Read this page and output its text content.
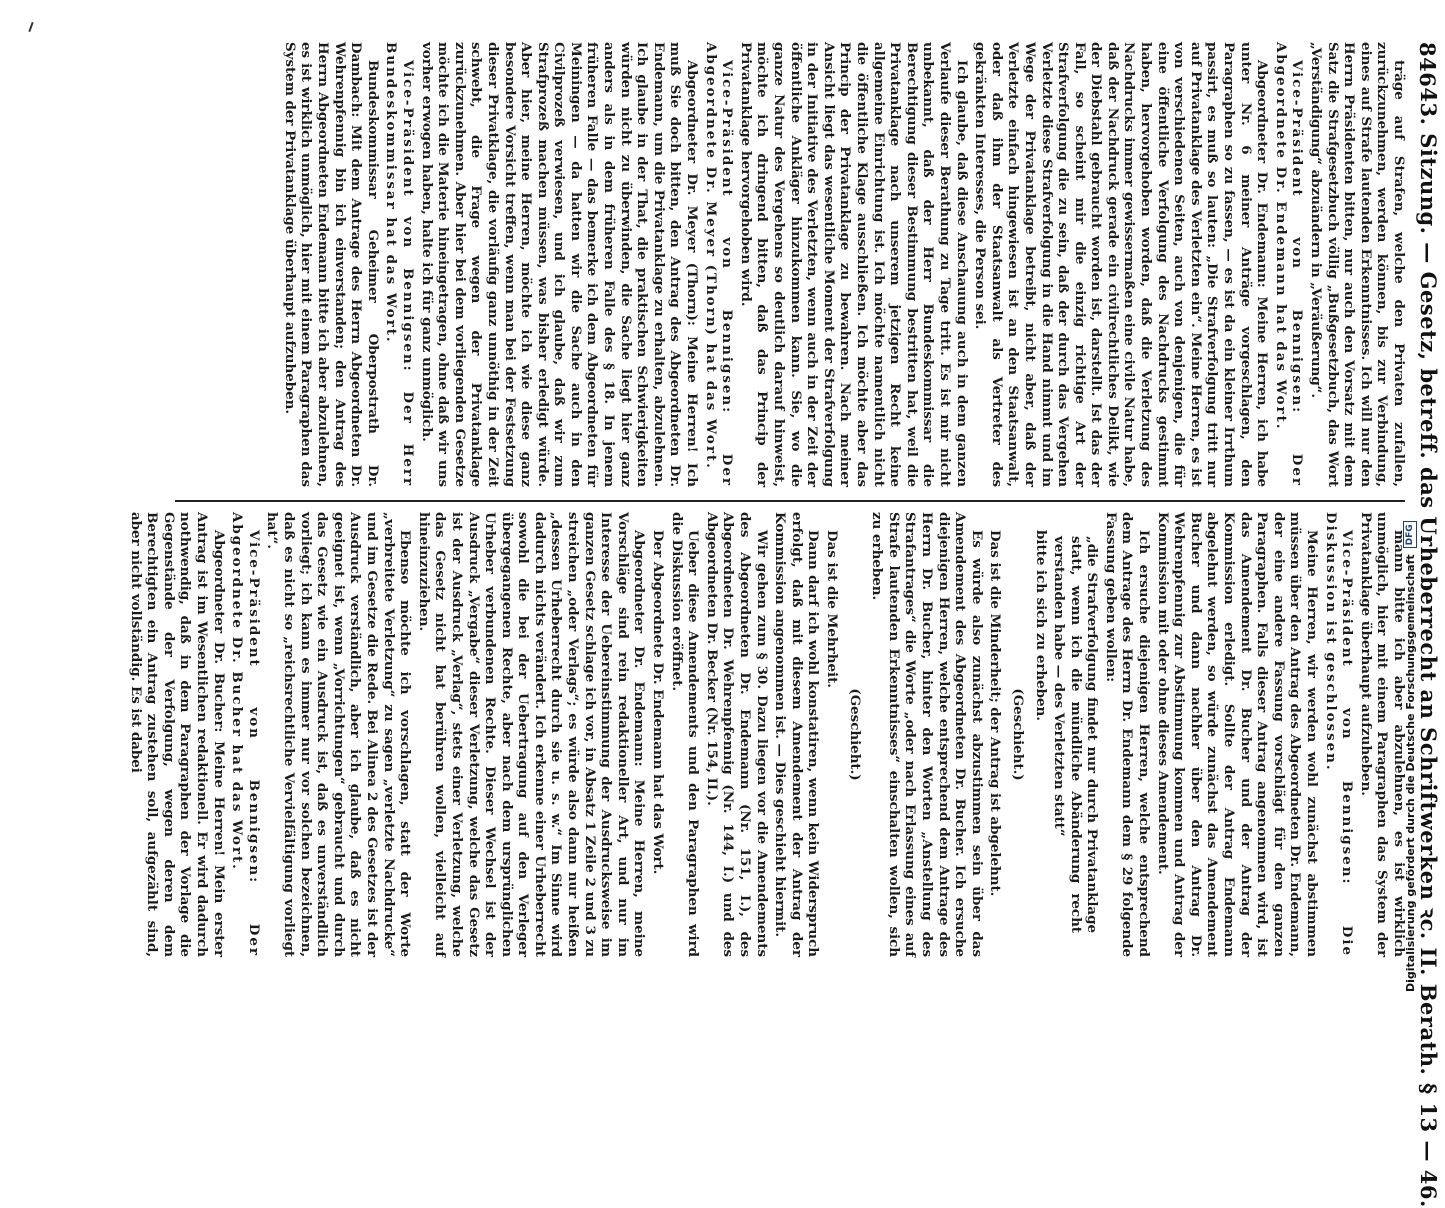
846
43. Sitzung. — Gesetz, betreff. das Urheberrecht an Schriftwerken ꝛc. II. Berath. § 13 — 46.

träge auf Strafen, welche den Privaten zufallen, zurückzunehmen, werden können, bis zur Verbindung, eines auf Strafe lautenden Erkenntnisses. Ich will nur den Herrn Präsidenten bitten, nur auch den Vorsatz mit dem Satz die Strafgesetzbuch völlig „Bußgesetzbuch, das Wort „Verständigung“ abzuändern in „Veräußerung“.

Vice-Präsident von Bennigsen: Der Abgeordnete Dr. Endemann hat das Wort.

Abgeordneter Dr. Endemann: Meine Herren, ich habe unter Nr. 6 meiner Anträge vorgeschlagen, den Paragraphen so zu fassen, — es ist da ein kleiner Irrthum passirt, es muß so lauten: „Die Strafverfolgung tritt nur auf Privatanklage des Verletzten ein“. Meine Herren, es ist von verschiedenen Seiten, auch von denjenigen, die für eine öffentliche Verfolgung des Nachdrucks gestimmt haben, hervorgehoben worden, daß die Verletzung des Nachdrucks immer gewissermaßen eine civile Natur habe, daß der Nachdruck gerade ein civilrechtliches Delikt, wie der Diebstahl gebraucht worden ist, darstellt. Ist das der Fall, so scheint mir die einzig richtige Art der Strafverfolgung die zu sein, daß der durch das Vergehen Verletzte diese Strafverfolgung in die Hand nimmt und im Wege der Privatanklage betreibt, nicht aber, daß der Verletzte einfach hingewiesen ist an den Staatsanwalt, oder daß ihm der Staatsanwalt als Vertreter des gekränkten Interesses, die Person sei.

Ich glaube, daß diese Anschauung auch in dem ganzen Verlaufe dieser Berathung zu Tage tritt. Es ist mir nicht unbekannt, daß der Herr Bundeskommissar die Berechtigung dieser Bestimmung bestritten hat, weil die Privatanklage nach unserem jetzigen Recht keine allgemeine Einrichtung ist. Ich möchte namentlich nicht die öffentliche Klage ausschließen. Ich möchte aber das Princip der Privatanklage zu bewahren. Nach meiner Ansicht liegt das wesentliche Moment der Strafverfolgung in der Initiative des Verletzten, wenn auch in der Zeit der öffentliche Ankläger hinzukommen kann. Sie, wo die ganze Natur des Vergehens so deutlich darauf hinweist, möchte ich dringend bitten, daß das Princip der Privatanklage hervorgehoben wird.

Vice-Präsident von Bennigsen: Der Abgeordnete Dr. Meyer (Thorn) hat das Wort.

Abgeordneter Dr. Meyer (Thorn): Meine Herren! Ich muß Sie doch bitten, den Antrag des Abgeordneten Dr. Endemann, um die Privatanklage zu erhalten, abzulehnen. Ich glaube in der That, die praktischen Schwierigkeiten würden nicht zu überwinden, die Sache liegt hier ganz anders als in dem früheren Falle des § 18. In jenem früheren Falle — das bemerke ich dem Abgeordneten für Meiningen — da hatten wir die Sache auch in den Civilprozeß verwiesen, und ich glaube, daß wir zum Strafprozeß machen müssen, was bisher erledigt würde. Aber hier, meine Herren, möchte ich wie diese ganz besondere Vorsicht treffen, wenn man bei der Festsetzung dieser Privatklage, die vorläufig ganz unnöthig in der Zeit schwebt, die Frage wegen der Privatanklage zurückzunehmen. Aber hier bei dem vorliegenden Gesetze möchte ich die Materie hineingetragen, ohne daß wir uns vorher erwogen haben, halte ich für ganz unmöglich.

Vice-Präsident von Bennigsen: Der Herr Bundeskommissar hat das Wort.

Bundeskommissar Geheimer Oberpostrath Dr. Dambach: Mit dem Antrage des Herrn Abgeordneten Dr. Wehrenpfennig bin ich einverstanden; den Antrag des Herrn Abgeordneten Endemann bitte ich aber abzulehnen, es ist wirklich unmöglich, hier mit einem Paragraphen das System der Privatanklage überhaupt aufzuheben.

mann bitte ich aber abzulehnen, es ist wirklich unmöglich, hier mit einem Paragraphen das System der Privatanklage überhaupt aufzuheben.

Vice-Präsident von Bennigsen: Die Diskussion ist geschlossen.

Meine Herren, wir werden wohl zunächst abstimmen müssen über den Antrag des Abgeordneten Dr. Endemann, der eine andere Fassung vorschlägt für den ganzen Paragraphen. Falls dieser Antrag angenommen wird, ist das Amendement Dr. Bucher und der Antrag der Kommission erledigt. Sollte der Antrag Endemann abgelehnt werden, so würde zunächst das Amendement Bucher und dann nachher über den Antrag Dr. Wehrenpfennig zur Abstimmung kommen und Antrag der Kommission mit oder ohne dieses Amendement.

Ich ersuche diejenigen Herren, welche entsprechend dem Antrage des Herrn Dr. Endemann dem § 29 folgende Fassung geben wollen:

„die Strafverfolgung findet nur durch Privatanklage statt, wenn ich die mündliche Abänderung recht verstanden habe — des Verletzten statt“

bitte ich sich zu erheben.

(Geschieht.)

Das ist die Minderheit; der Antrag ist abgelehnt.

Es würde also zunächst abzustimmen sein über das Amendement des Abgeordneten Dr. Bucher. Ich ersuche diejenigen Herren, welche entsprechend dem Antrage des Herrn Dr. Bucher, hinter den Worten „Anstellung des Strafantrages“ die Worte „oder nach Erlassung eines auf Strafe lautenden Erkenntnisses“ einschalten wollen, sich zu erheben.

(Geschieht.)

Das ist die Mehrheit.

Dann darf ich wohl konstatiren, wenn kein Widerspruch erfolgt, daß mit diesem Amendement der Antrag der Kommission angenommen ist. — Dies geschieht hiermit.

Wir gehen zum § 30. Dazu liegen vor die Amendements des Abgeordneten Dr. Endemann (Nr. 151, I.), des Abgeordneten Dr. Wehrenpfennig (Nr. 144, I.) und des Abgeordneten Dr. Becker (Nr. 154, II.).

Ueber diese Amendements und den Paragraphen wird die Diskussion eröffnet.

Der Abgeordnete Dr. Endemann hat das Wort.

Abgeordneter Dr. Endemann: Meine Herren, meine Vorschläge sind rein redaktioneller Art, und nur im Interesse der Uebereinstimmung der Ausdrucksweise im ganzen Gesetz schlage ich vor, in Absatz 1 Zeile 2 und 3 zu streichen „oder Verlags“; es würde also dann nur heißen „dessen Urheberrecht durch sie u. s. w.“ Im Sinne wird dadurch nichts verändert. Ich erkenne einer Urheberrecht sowohl die bei der Uebertragung auf den Verleger übergegangenen Rechte, aber nach dem ursprünglichen Urheber verbundenen Rechte. Dieser Wechsel ist der Ausdruck „Vergabe“ dieser Verletzung, welche das Gesetz ist der Ausdruck „Verlag“, stets einer Verletzung, welche das Gesetz nicht hat berühren wollen, vielleicht auf hineinzuziehen.

Ebenso möchte ich vorschlagen, statt der Worte „verbreitete Verletzung“ zu sagen „verletzte Nachdrucke“ und im Gesetze die Rede. Bei Alinea 2 des Gesetzes ist der Ausdruck verständlich, aber ich glaube, daß es nicht geeignet ist, wenn „Vorrichtungen“ gebraucht und durch das Gesetz wie ein Ausdruck ist, daß es unverständlich vorliegt; ich kann es immer nur vor solchen bezeichnen, daß es nicht so „reichsrechtliche Vervielfältigung vorliegt hat“.

Vice-Präsident von Bennigsen: Der Abgeordnete Dr. Bucher hat das Wort.

Abgeordneter Dr. Bucher: Meine Herren! Mein erster Antrag ist im Wesentlichen redaktionell. Er wird dadurch nothwendig, daß in dem Paragraphen der Vorlage die Gegenstände der Verfolgung, wegen deren dem Berechtigten ein Antrag zustehen soll, aufgezählt sind, aber nicht vollständig. Es ist dabei	Digitalisierung gefördert durch die Deutsche Forschungsgemeinschaft
DFG
